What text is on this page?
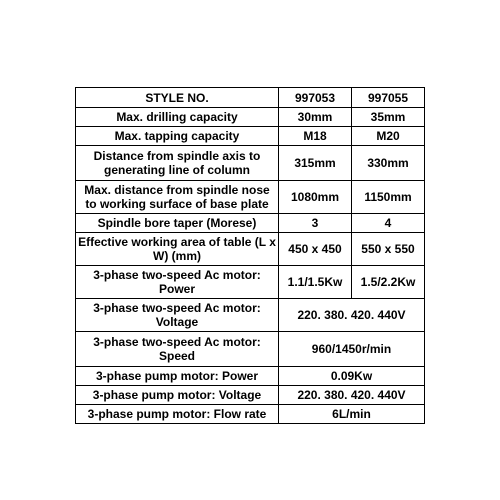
STYLE NO.	997053	997055
Max. drilling capacity	30mm	35mm
Max. tapping capacity	M18	M20
Distance from spindle axis to generating line of column	315mm	330mm
Max. distance from spindle nose to working surface of base plate	1080mm	1150mm
Spindle bore taper (Morese)	3	4
Effective working area of table (L x W) (mm)	450 x 450	550 x 550
3-phase two-speed Ac motor: Power	1.1/1.5Kw	1.5/2.2Kw
3-phase two-speed Ac motor: Voltage	220. 380. 420. 440V	
3-phase two-speed Ac motor: Speed	960/1450r/min	
3-phase pump motor: Power	0.09Kw	
3-phase pump motor: Voltage	220. 380. 420. 440V	
3-phase pump motor: Flow rate	6L/min	
